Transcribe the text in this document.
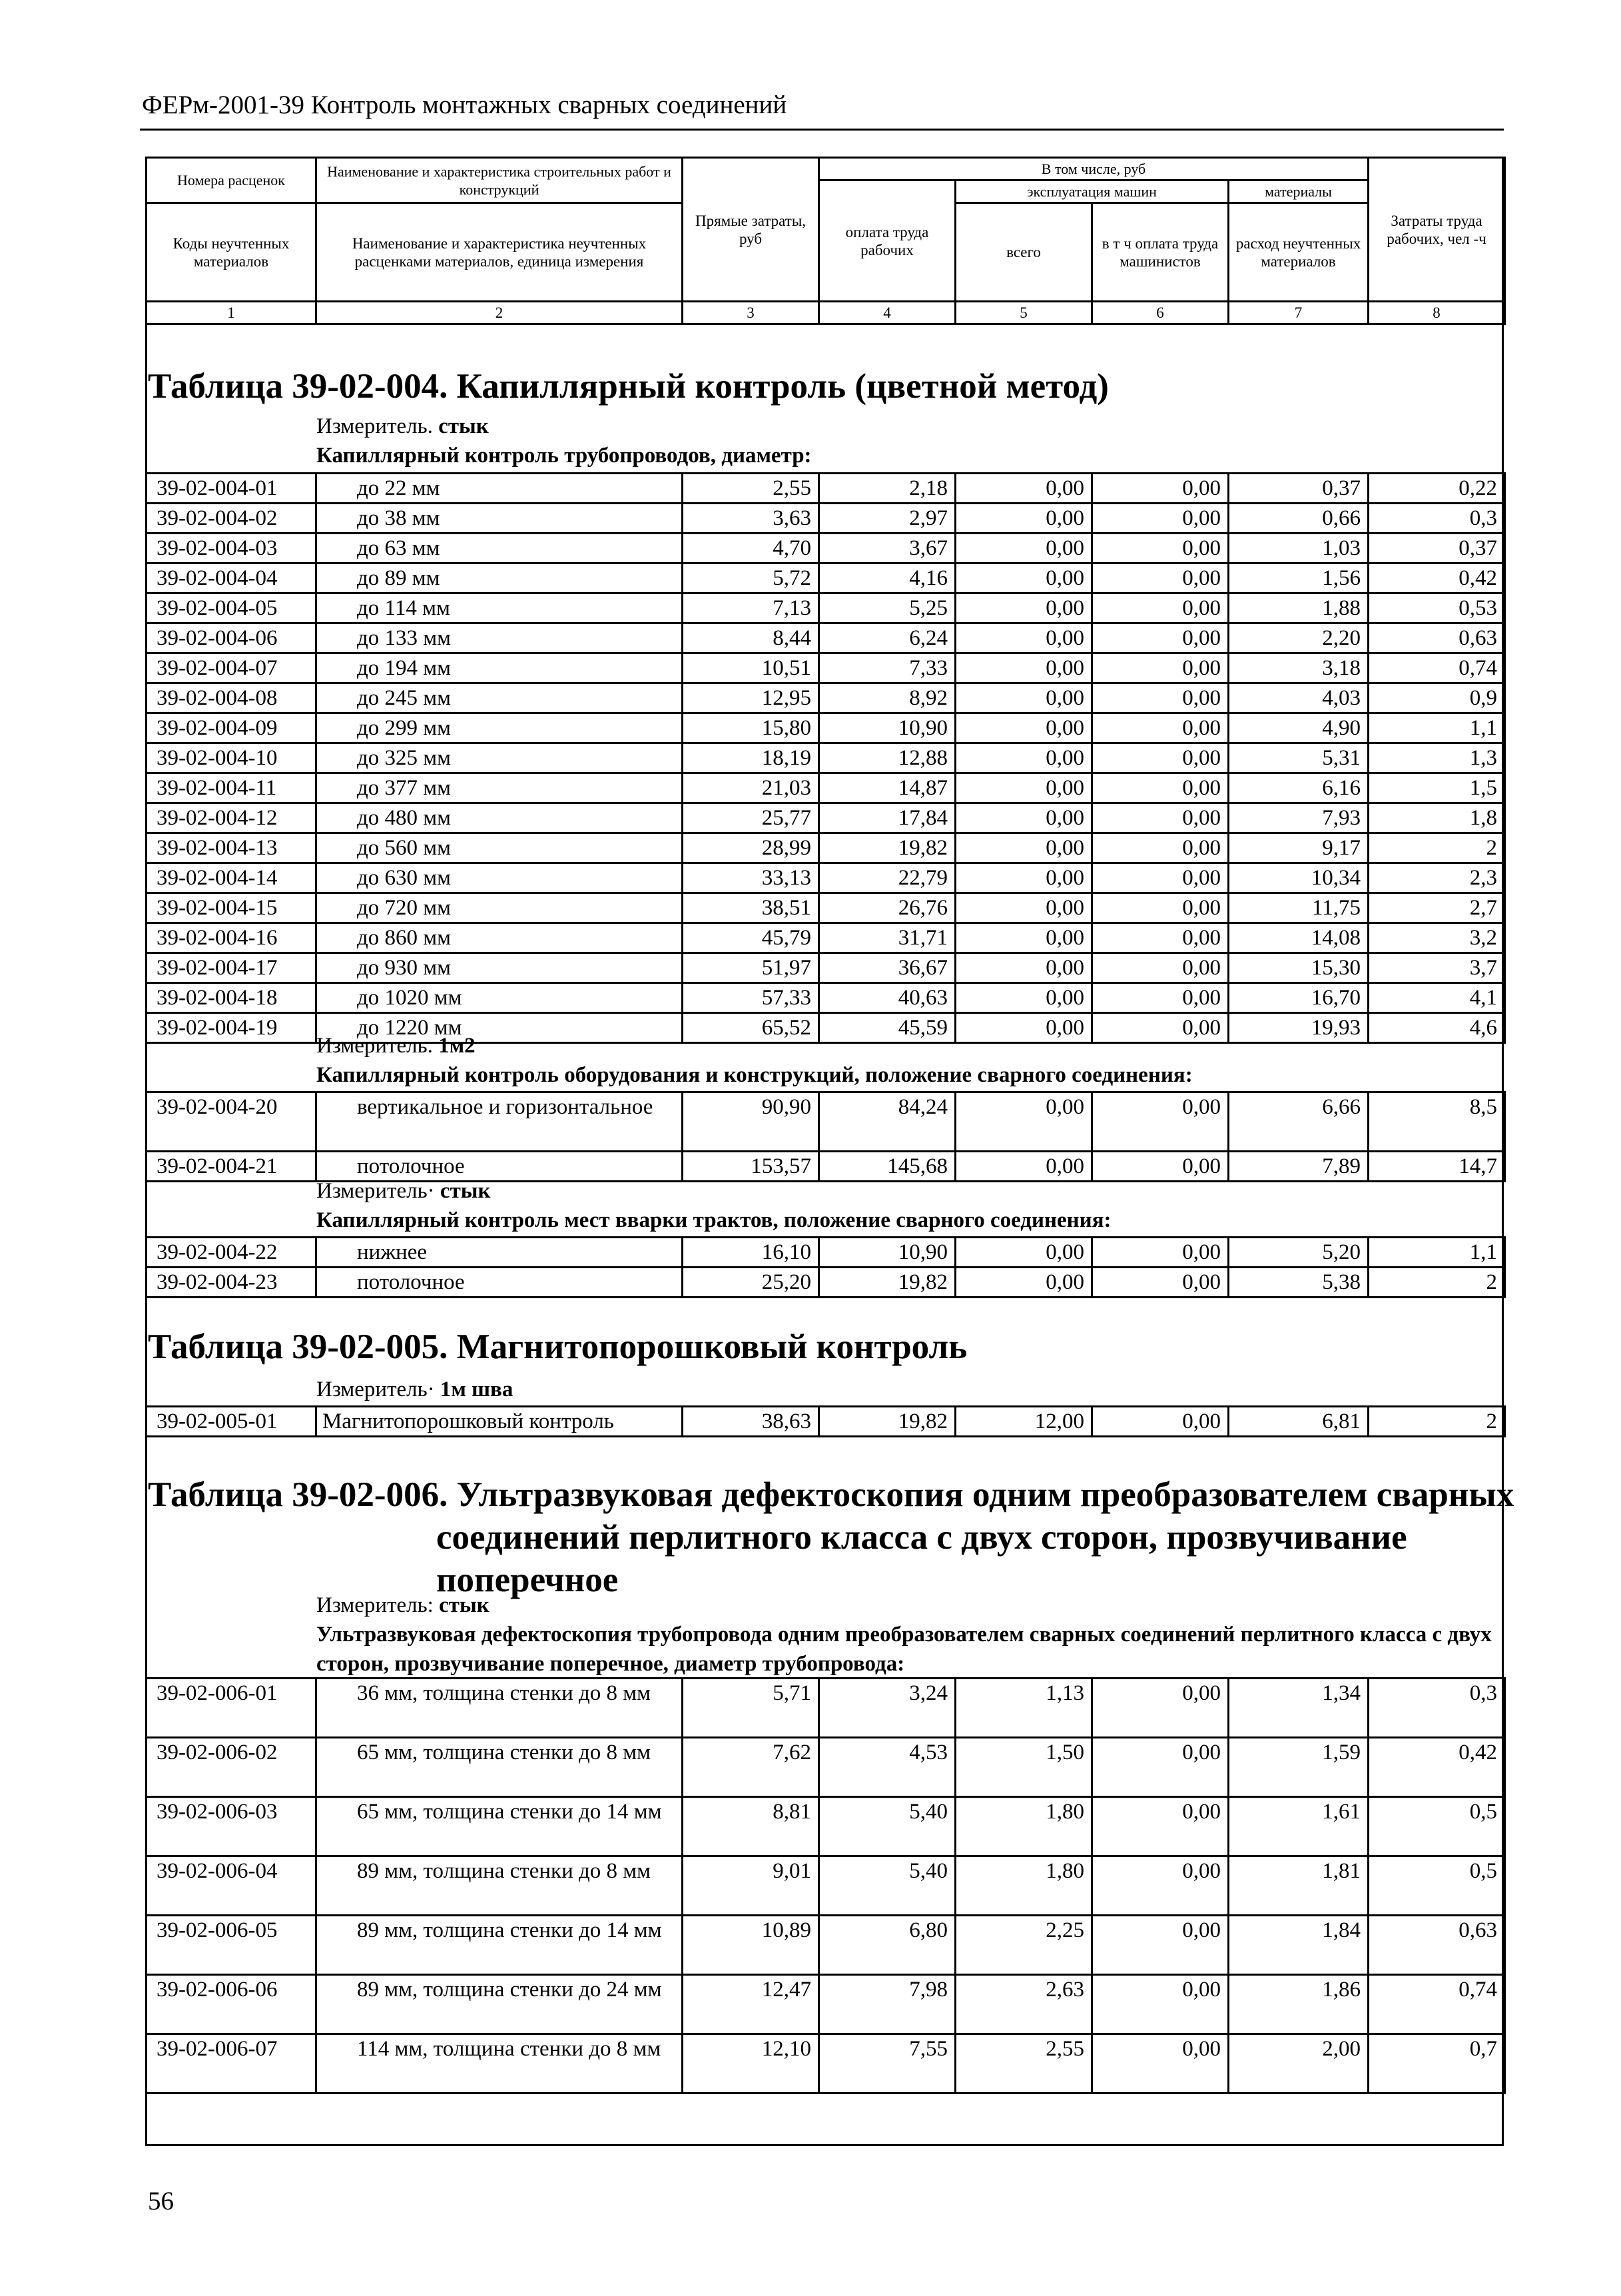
ФЕРм-2001-39 Контроль монтажных сварных соединений
Номера расценок	Наименование и характеристика строительных работ и конструкций	Прямые затраты, руб	В том числе, руб				Затраты труда рабочих, чел -ч
			оплата труда рабочих	эксплуатация машин		материалы	
Коды неучтенных материалов	Наименование и характеристика неучтенных расценками материалов, единица измерения			всего	в т ч оплата труда машинистов	расход неучтенных материалов	
1	2	3	4	5	6	7	8
Таблица 39-02-004. Капиллярный контроль (цветной метод)
Измеритель. стык
Капиллярный контроль трубопроводов, диаметр:
39-02-004-01	до 22 мм	2,55	2,18	0,00	0,00	0,37	0,22
39-02-004-02	до 38 мм	3,63	2,97	0,00	0,00	0,66	0,3
39-02-004-03	до 63 мм	4,70	3,67	0,00	0,00	1,03	0,37
39-02-004-04	до 89 мм	5,72	4,16	0,00	0,00	1,56	0,42
39-02-004-05	до 114 мм	7,13	5,25	0,00	0,00	1,88	0,53
39-02-004-06	до 133 мм	8,44	6,24	0,00	0,00	2,20	0,63
39-02-004-07	до 194 мм	10,51	7,33	0,00	0,00	3,18	0,74
39-02-004-08	до 245 мм	12,95	8,92	0,00	0,00	4,03	0,9
39-02-004-09	до 299 мм	15,80	10,90	0,00	0,00	4,90	1,1
39-02-004-10	до 325 мм	18,19	12,88	0,00	0,00	5,31	1,3
39-02-004-11	до 377 мм	21,03	14,87	0,00	0,00	6,16	1,5
39-02-004-12	до 480 мм	25,77	17,84	0,00	0,00	7,93	1,8
39-02-004-13	до 560 мм	28,99	19,82	0,00	0,00	9,17	2
39-02-004-14	до 630 мм	33,13	22,79	0,00	0,00	10,34	2,3
39-02-004-15	до 720 мм	38,51	26,76	0,00	0,00	11,75	2,7
39-02-004-16	до 860 мм	45,79	31,71	0,00	0,00	14,08	3,2
39-02-004-17	до 930 мм	51,97	36,67	0,00	0,00	15,30	3,7
39-02-004-18	до 1020 мм	57,33	40,63	0,00	0,00	16,70	4,1
39-02-004-19	до 1220 мм	65,52	45,59	0,00	0,00	19,93	4,6
Измеритель. 1м2
Капиллярный контроль оборудования и конструкций, положение сварного соединения:
39-02-004-20	вертикальное и горизонтальное	90,90	84,24	0,00	0,00	6,66	8,5
39-02-004-21	потолочное	153,57	145,68	0,00	0,00	7,89	14,7
Измеритель· стык
Капиллярный контроль мест вварки трактов, положение сварного соединения:
39-02-004-22	нижнее	16,10	10,90	0,00	0,00	5,20	1,1
39-02-004-23	потолочное	25,20	19,82	0,00	0,00	5,38	2
Таблица 39-02-005. Магнитопорошковый контроль
Измеритель· 1м шва
39-02-005-01	Магнитопорошковый контроль	38,63	19,82	12,00	0,00	6,81	2
Таблица 39-02-006. Ультразвуковая дефектоскопия одним преобразователем сварных
соединений перлитного класса с двух сторон, прозвучивание
поперечное
Измеритель: стык
Ультразвуковая дефектоскопия трубопровода одним преобразователем сварных соединений перлитного класса с двух сторон, прозвучивание поперечное, диаметр трубопровода:
39-02-006-01	36 мм, толщина стенки до 8 мм	5,71	3,24	1,13	0,00	1,34	0,3
39-02-006-02	65 мм, толщина стенки до 8 мм	7,62	4,53	1,50	0,00	1,59	0,42
39-02-006-03	65 мм, толщина стенки до 14 мм	8,81	5,40	1,80	0,00	1,61	0,5
39-02-006-04	89 мм, толщина стенки до 8 мм	9,01	5,40	1,80	0,00	1,81	0,5
39-02-006-05	89 мм, толщина стенки до 14 мм	10,89	6,80	2,25	0,00	1,84	0,63
39-02-006-06	89 мм, толщина стенки до 24 мм	12,47	7,98	2,63	0,00	1,86	0,74
39-02-006-07	114 мм, толщина стенки до 8 мм	12,10	7,55	2,55	0,00	2,00	0,7
56
